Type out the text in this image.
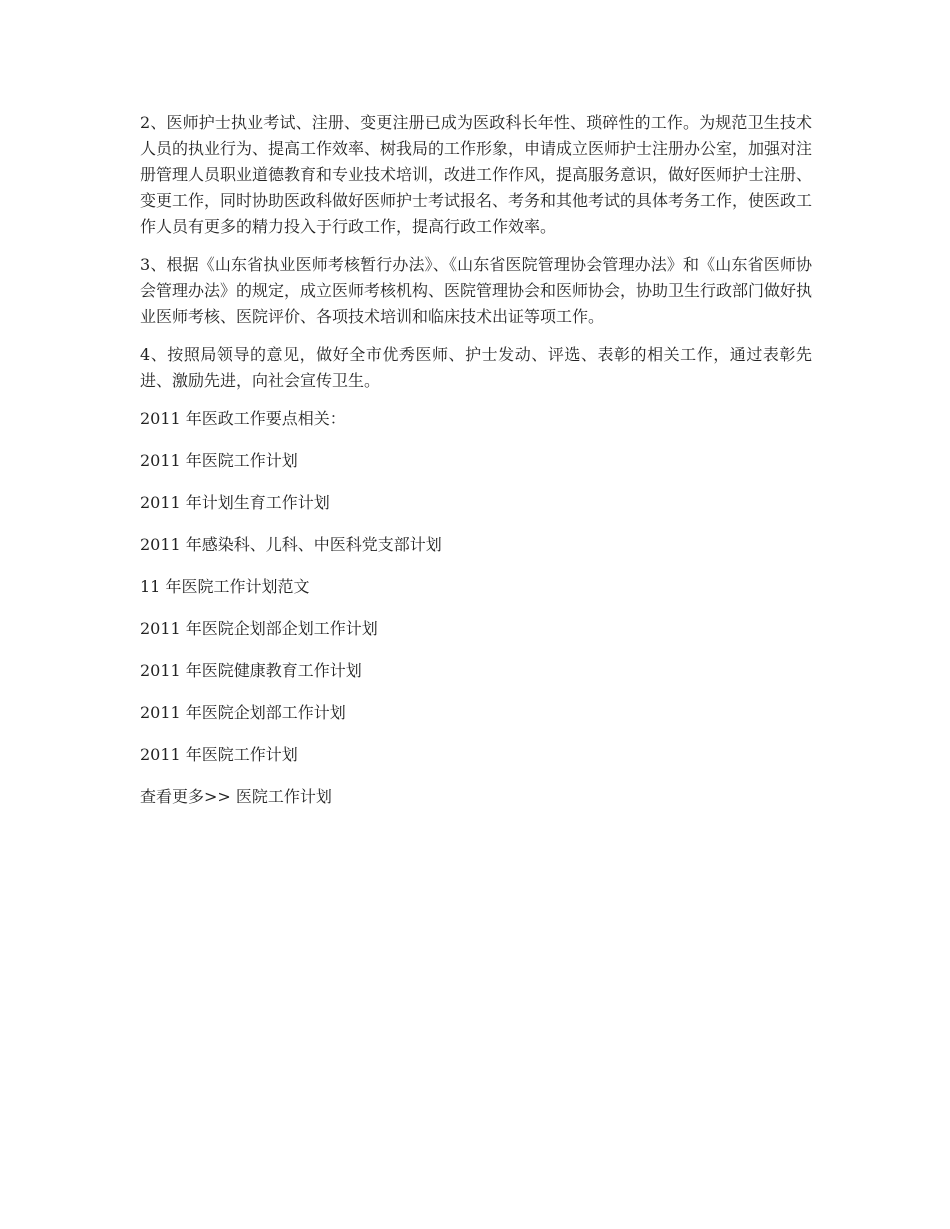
2、医师护士执业考试、注册、变更注册已成为医政科长年性、琐碎性的工作。为规范卫生技术人员的执业行为、提高工作效率、树我局的工作形象，申请成立医师护士注册办公室，加强对注册管理人员职业道德教育和专业技术培训，改进工作作风，提高服务意识，做好医师护士注册、变更工作，同时协助医政科做好医师护士考试报名、考务和其他考试的具体考务工作，使医政工作人员有更多的精力投入于行政工作，提高行政工作效率。

3、根据《山东省执业医师考核暂行办法》、《山东省医院管理协会管理办法》和《山东省医师协会管理办法》的规定，成立医师考核机构、医院管理协会和医师协会，协助卫生行政部门做好执业医师考核、医院评价、各项技术培训和临床技术出证等项工作。

4、按照局领导的意见，做好全市优秀医师、护士发动、评选、表彰的相关工作，通过表彰先进、激励先进，向社会宣传卫生。

2011 年医政工作要点相关：

2011 年医院工作计划

2011 年计划生育工作计划

2011 年感染科、儿科、中医科党支部计划

11 年医院工作计划范文

2011 年医院企划部企划工作计划

2011 年医院健康教育工作计划

2011 年医院企划部工作计划

2011 年医院工作计划

查看更多>> 医院工作计划
